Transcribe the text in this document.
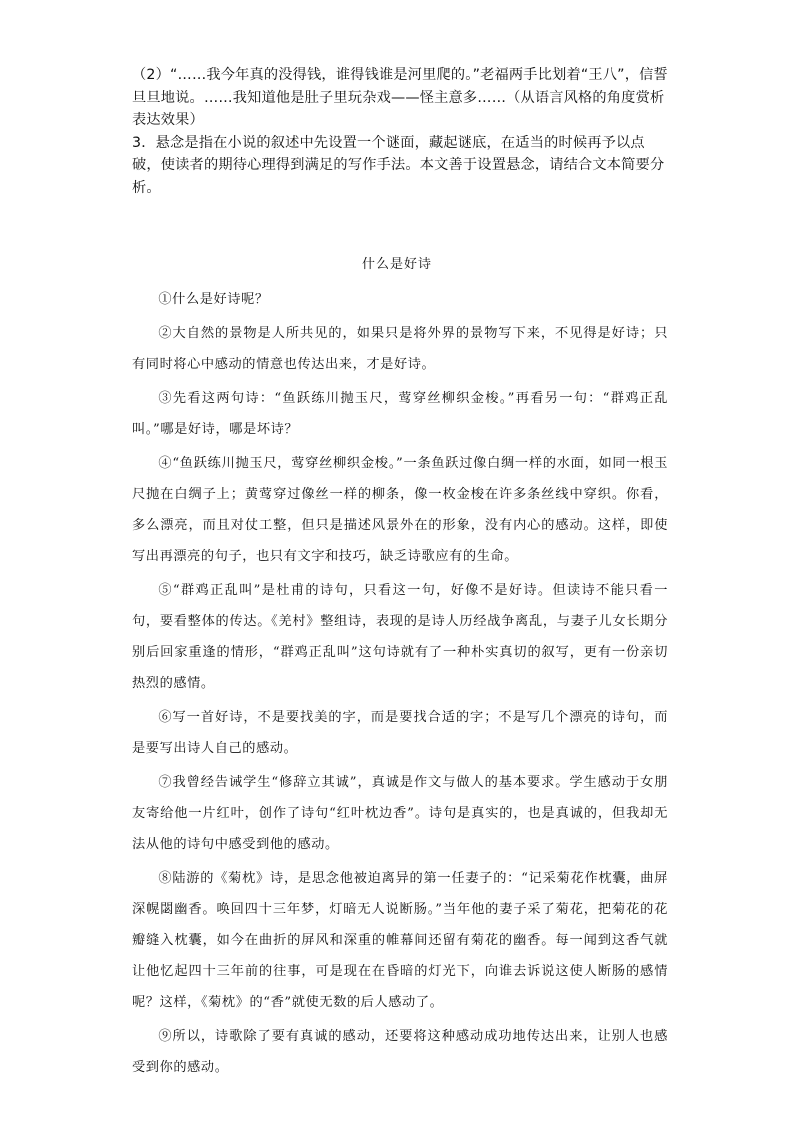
（2）“……我今年真的没得钱，谁得钱谁是河里爬的。”老福两手比划着“王八”，信誓旦旦地说。……我知道他是肚子里玩杂戏——怪主意多……（从语言风格的角度赏析表达效果）

3．悬念是指在小说的叙述中先设置一个谜面，藏起谜底，在适当的时候再予以点破，使读者的期待心理得到满足的写作手法。本文善于设置悬念，请结合文本简要分析。

什么是好诗

①什么是好诗呢？

②大自然的景物是人所共见的，如果只是将外界的景物写下来，不见得是好诗；只有同时将心中感动的情意也传达出来，才是好诗。

③先看这两句诗：“鱼跃练川抛玉尺，莺穿丝柳织金梭。”再看另一句：“群鸡正乱叫。”哪是好诗，哪是坏诗？

④“鱼跃练川抛玉尺，莺穿丝柳织金梭。”一条鱼跃过像白绸一样的水面，如同一根玉尺抛在白绸子上；黄莺穿过像丝一样的柳条，像一枚金梭在许多条丝线中穿织。你看，多么漂亮，而且对仗工整，但只是描述风景外在的形象，没有内心的感动。这样，即使写出再漂亮的句子，也只有文字和技巧，缺乏诗歌应有的生命。

⑤“群鸡正乱叫”是杜甫的诗句，只看这一句，好像不是好诗。但读诗不能只看一句，要看整体的传达。《羌村》整组诗，表现的是诗人历经战争离乱，与妻子儿女长期分别后回家重逢的情形，“群鸡正乱叫”这句诗就有了一种朴实真切的叙写，更有一份亲切热烈的感情。

⑥写一首好诗，不是要找美的字，而是要找合适的字；不是写几个漂亮的诗句，而是要写出诗人自己的感动。

⑦我曾经告诫学生“修辞立其诚”，真诚是作文与做人的基本要求。学生感动于女朋友寄给他一片红叶，创作了诗句“红叶枕边香”。诗句是真实的，也是真诚的，但我却无法从他的诗句中感受到他的感动。

⑧陆游的《菊枕》诗，是思念他被迫离异的第一任妻子的：“记采菊花作枕囊，曲屏深幌閟幽香。唤回四十三年梦，灯暗无人说断肠。”当年他的妻子采了菊花，把菊花的花瓣缝入枕囊，如今在曲折的屏风和深重的帷幕间还留有菊花的幽香。每一闻到这香气就让他忆起四十三年前的往事，可是现在在昏暗的灯光下，向谁去诉说这使人断肠的感情呢？这样，《菊枕》的“香”就使无数的后人感动了。

⑨所以，诗歌除了要有真诚的感动，还要将这种感动成功地传达出来，让别人也感受到你的感动。
